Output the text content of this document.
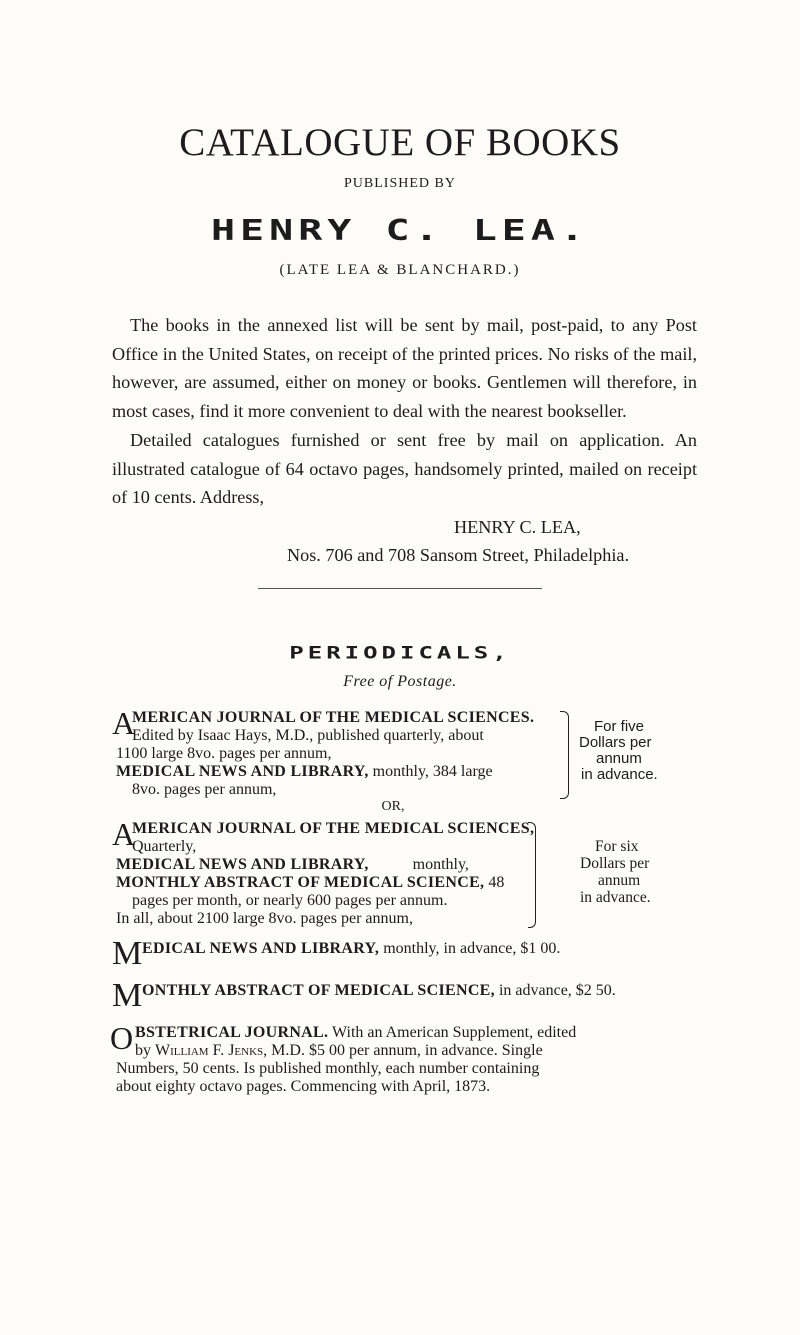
CATALOGUE OF BOOKS
PUBLISHED BY
HENRY C. LEA.
(LATE LEA & BLANCHARD.)

The books in the annexed list will be sent by mail, post-paid, to any Post Office in the United States, on receipt of the printed prices. No risks of the mail, however, are assumed, either on money or books. Gentlemen will therefore, in most cases, find it more convenient to deal with the nearest bookseller.

Detailed catalogues furnished or sent free by mail on application. An illustrated catalogue of 64 octavo pages, handsomely printed, mailed on receipt of 10 cents. Address,

HENRY C. LEA,
Nos. 706 and 708 Sansom Street, Philadelphia.
PERIODICALS,
Free of Postage.
A
MERICAN JOURNAL OF THE MEDICAL SCIENCES.
Edited by Isaac Hays, M.D., published quarterly, about
1100 large 8vo. pages per annum,
MEDICAL NEWS AND LIBRARY, monthly, 384 large
8vo. pages per annum,
For five
Dollars per
annum
in advance.
OR,
A
MERICAN JOURNAL OF THE MEDICAL SCIENCES,
Quarterly,
MEDICAL NEWS AND LIBRARY,	monthly,
MONTHLY ABSTRACT OF MEDICAL SCIENCE, 48
pages per month, or nearly 600 pages per annum.
In all, about 2100 large 8vo. pages per annum,
For six
Dollars per
annum
in advance.
M EDICAL NEWS AND LIBRARY, monthly, in advance, $1 00.
M ONTHLY ABSTRACT OF MEDICAL SCIENCE, in advance, $2 50.
O BSTETRICAL JOURNAL. With an American Supplement, edited
by William F. Jenks, M.D. $5 00 per annum, in advance. Single
Numbers, 50 cents. Is published monthly, each number containing
about eighty octavo pages. Commencing with April, 1873.
